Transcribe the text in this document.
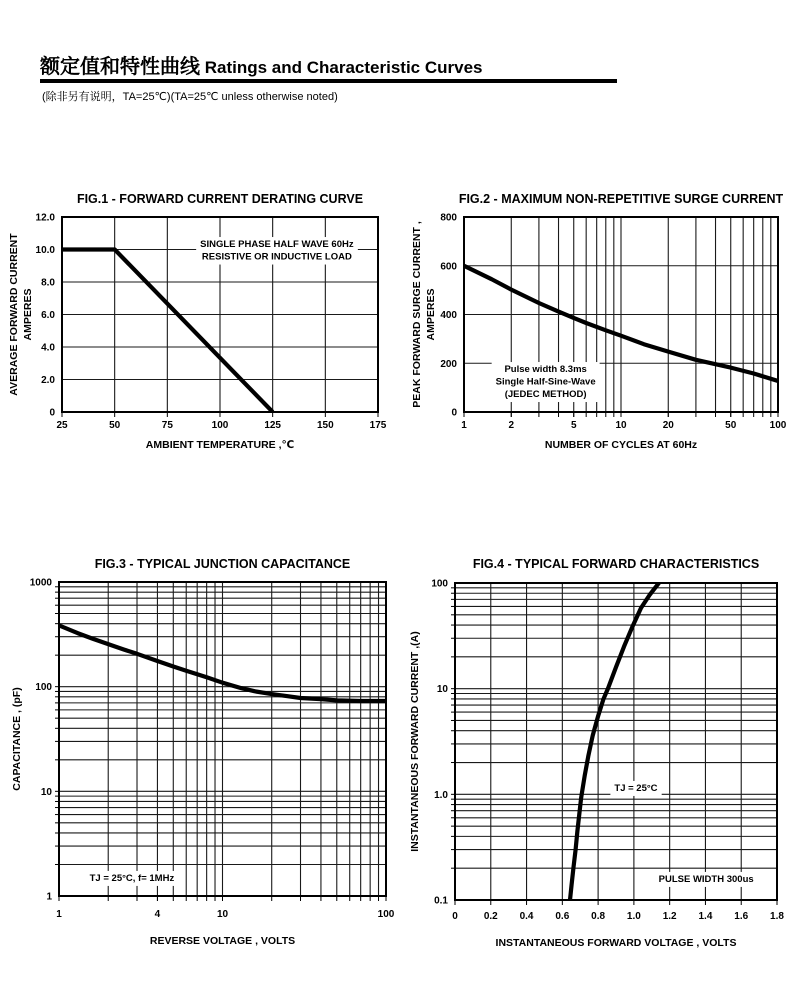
额定值和特性曲线 Ratings and Characteristic Curves
(除非另有说明，TA=25℃)(TA=25℃ unless otherwise noted)
SINGLE PHASE HALF WAVE 60Hz
RESISTIVE OR INDUCTIVE LOAD
FIG.1 - FORWARD CURRENT DERATING CURVE
25	50	75	100	125	150	175
0
2.0
4.0
6.0
8.0
10.0
12.0
AMBIENT TEMPERATURE ,℃
AVERAGE FORWARD CURRENT AMPERES
Pulse width 8.3ms
Single Half-Sine-Wave
(JEDEC METHOD)
FIG.2 - MAXIMUM NON-REPETITIVE SURGE CURRENT
1	2	5	10	20	50	100
0
200
400
600
800
NUMBER OF CYCLES AT 60Hz
PEAK FORWARD SURGE CURRENT , AMPERES
TJ = 25°C, f= 1MHz
FIG.3 - TYPICAL JUNCTION CAPACITANCE
1	4	10	100
1
10
100
1000
REVERSE VOLTAGE , VOLTS
CAPACITANCE , (pF)	TJ = 25°C
PULSE WIDTH 300us
FIG.4 - TYPICAL FORWARD CHARACTERISTICS
0	0.2 0.4 0.6 0.8 1.0 1.2 1.4 1.6 1.8
0.1
1.0
10
100
INSTANTANEOUS FORWARD VOLTAGE , VOLTS
INSTANTANEOUS FORWARD CURRENT ,(A)
